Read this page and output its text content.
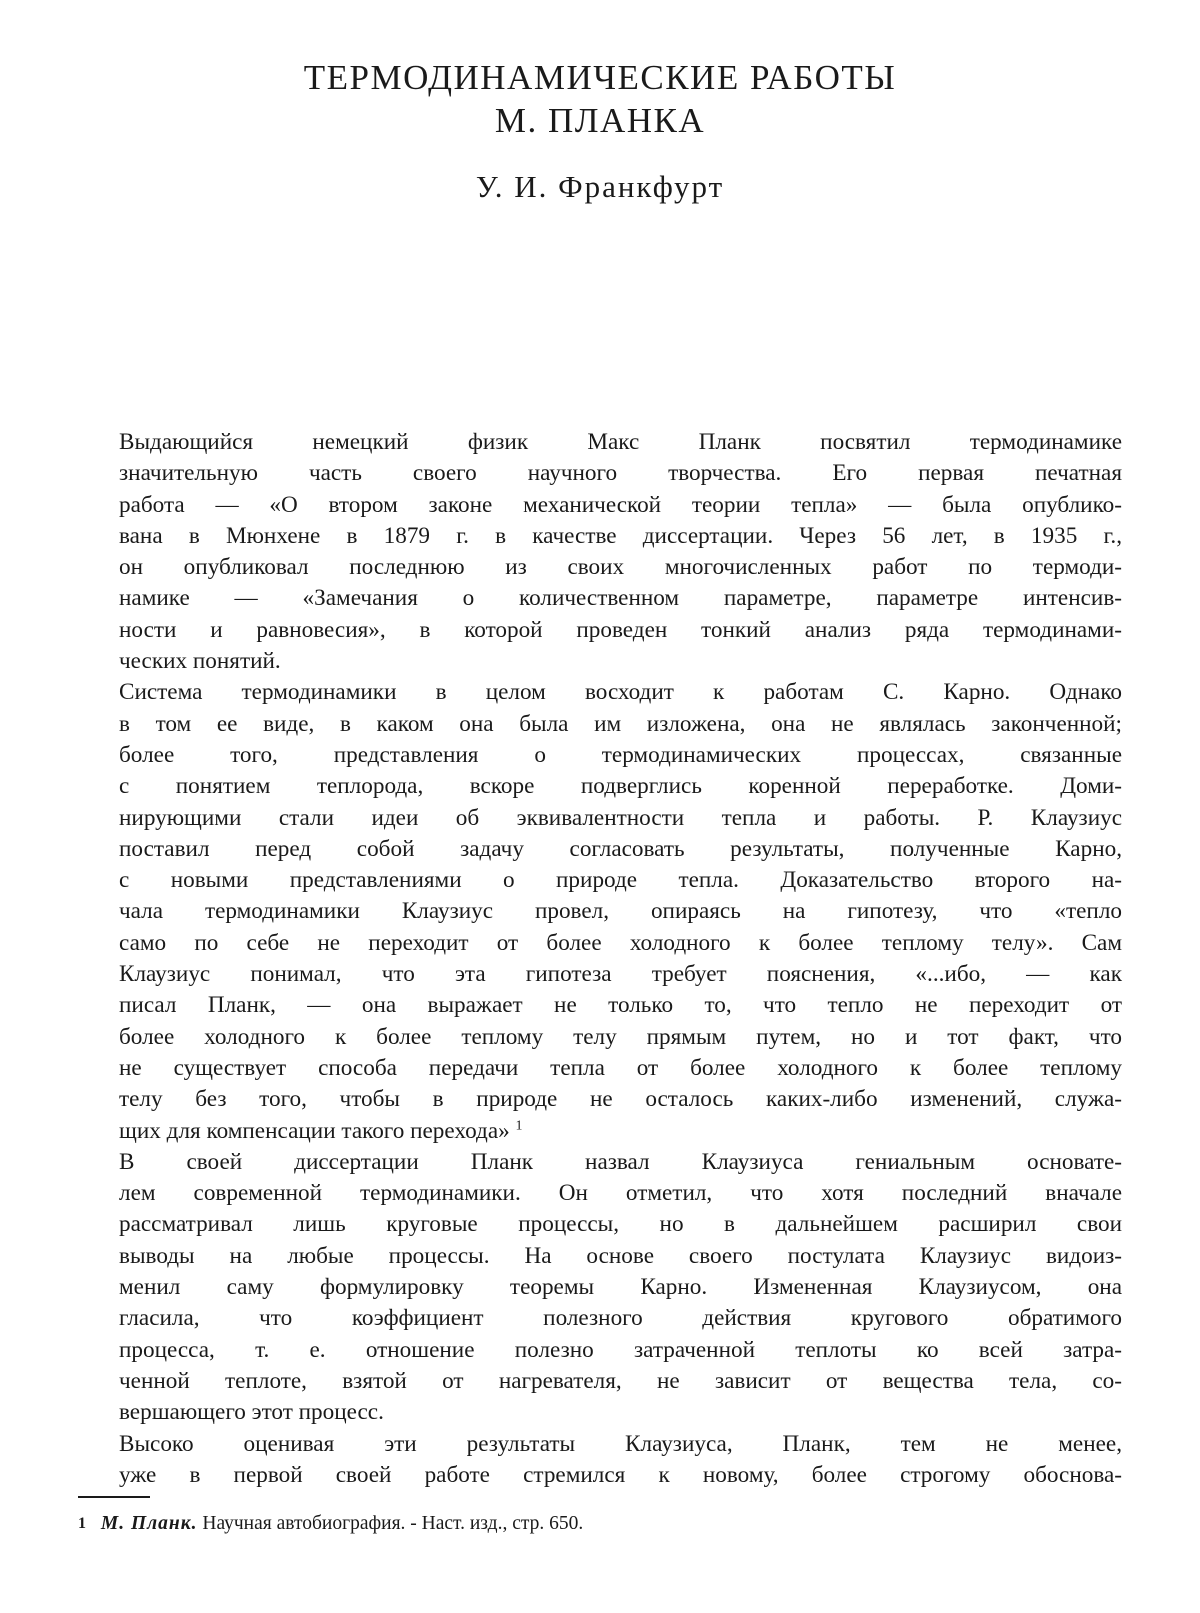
ТЕРМОДИНАМИЧЕСКИЕ РАБОТЫ
М. ПЛАНКА
У. И. Франкфурт

Выдающийся немецкий физик Макс Планк посвятил термодинамике
значительную часть своего научного творчества. Его первая печатная
работа — «О втором законе механической теории тепла» — была опублико-
вана в Мюнхене в 1879 г. в качестве диссертации. Через 56 лет, в 1935 г.,
он опубликовал последнюю из своих многочисленных работ по термоди-
намике — «Замечания о количественном параметре, параметре интенсив-
ности и равновесия», в которой проведен тонкий анализ ряда термодинами-
ческих понятий.

Система термодинамики в целом восходит к работам С. Карно. Однако
в том ее виде, в каком она была им изложена, она не являлась законченной;
более того, представления о термодинамических процессах, связанные
с понятием теплорода, вскоре подверглись коренной переработке. Доми-
нирующими стали идеи об эквивалентности тепла и работы. Р. Клаузиус
поставил перед собой задачу согласовать результаты, полученные Карно,
с новыми представлениями о природе тепла. Доказательство второго на-
чала термодинамики Клаузиус провел, опираясь на гипотезу, что «тепло
само по себе не переходит от более холодного к более теплому телу». Сам
Клаузиус понимал, что эта гипотеза требует пояснения, «...ибо, — как
писал Планк, — она выражает не только то, что тепло не переходит от
более холодного к более теплому телу прямым путем, но и тот факт, что
не существует способа передачи тепла от более холодного к более теплому
телу без того, чтобы в природе не осталось каких-либо изменений, служа-
щих для компенсации такого перехода» 1

В своей диссертации Планк назвал Клаузиуса гениальным основате-
лем современной термодинамики. Он отметил, что хотя последний вначале
рассматривал лишь круговые процессы, но в дальнейшем расширил свои
выводы на любые процессы. На основе своего постулата Клаузиус видоиз-
менил саму формулировку теоремы Карно. Измененная Клаузиусом, она
гласила, что коэффициент полезного действия кругового обратимого
процесса, т. е. отношение полезно затраченной теплоты ко всей затра-
ченной теплоте, взятой от нагревателя, не зависит от вещества тела, со-
вершающего этот процесс.

Высоко оценивая эти результаты Клаузиуса, Планк, тем не менее,
уже в первой своей работе стремился к новому, более строгому обоснова-

1 М. Планк. Научная автобиография. - Наст. изд., стр. 650.
